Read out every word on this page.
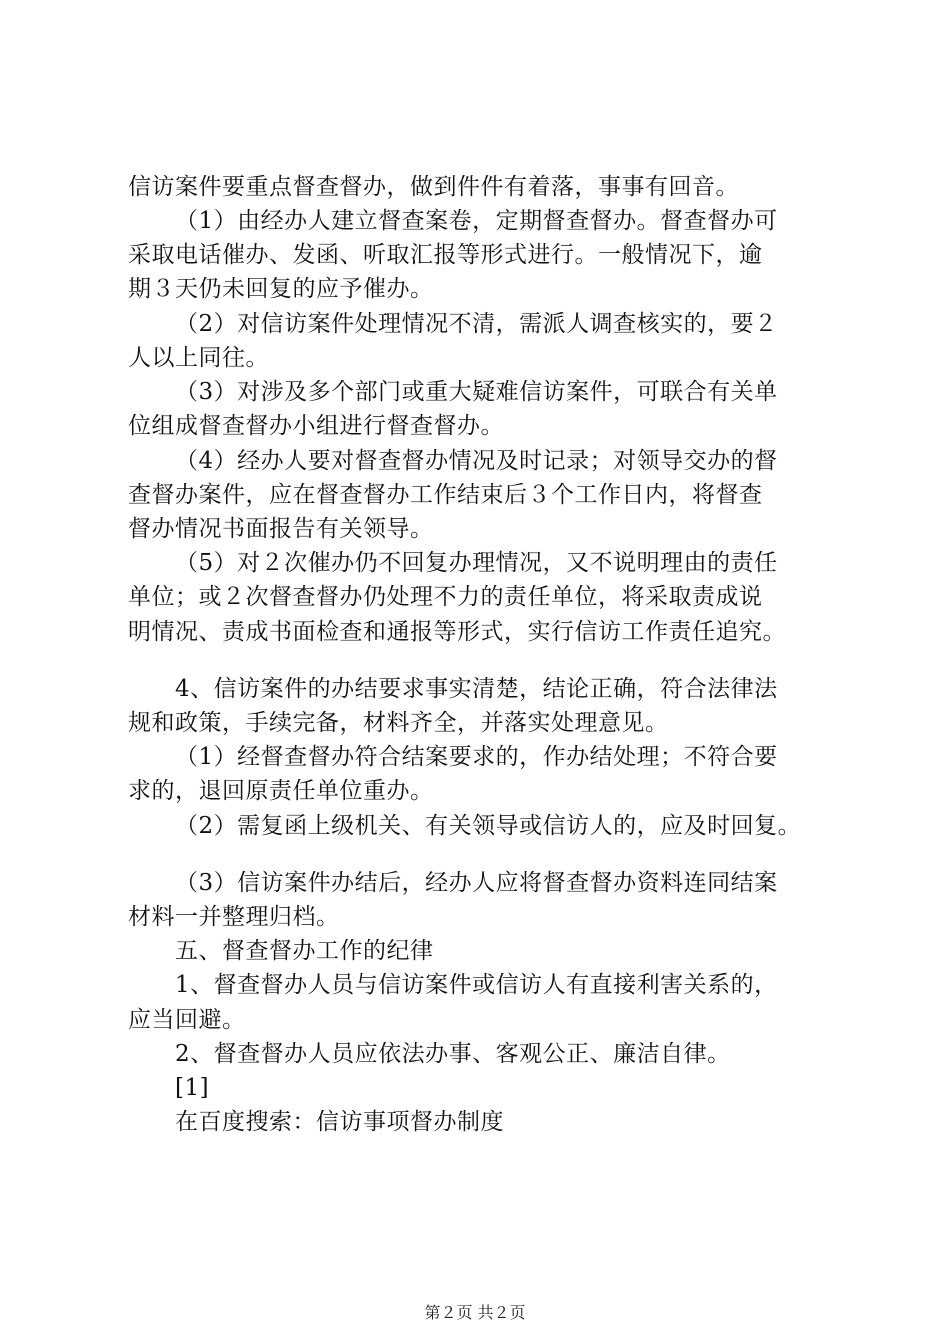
信访案件要重点督查督办，做到件件有着落，事事有回音。
（1）由经办人建立督查案卷，定期督查督办。督查督办可
采取电话催办、发函、听取汇报等形式进行。一般情况下，逾
期３天仍未回复的应予催办。
（2）对信访案件处理情况不清，需派人调查核实的，要２
人以上同往。
（3）对涉及多个部门或重大疑难信访案件，可联合有关单
位组成督查督办小组进行督查督办。
（4）经办人要对督查督办情况及时记录；对领导交办的督
查督办案件，应在督查督办工作结束后３个工作日内，将督查
督办情况书面报告有关领导。
（5）对２次催办仍不回复办理情况，又不说明理由的责任
单位；或２次督查督办仍处理不力的责任单位，将采取责成说
明情况、责成书面检查和通报等形式，实行信访工作责任追究。
4、信访案件的办结要求事实清楚，结论正确，符合法律法
规和政策，手续完备，材料齐全，并落实处理意见。
（1）经督查督办符合结案要求的，作办结处理；不符合要
求的，退回原责任单位重办。
（2）需复函上级机关、有关领导或信访人的，应及时回复。
（3）信访案件办结后，经办人应将督查督办资料连同结案
材料一并整理归档。
五、督查督办工作的纪律
1、督查督办人员与信访案件或信访人有直接利害关系的，
应当回避。
2、督查督办人员应依法办事、客观公正、廉洁自律。
[1]
在百度搜索：信访事项督办制度
第２页 共２页
